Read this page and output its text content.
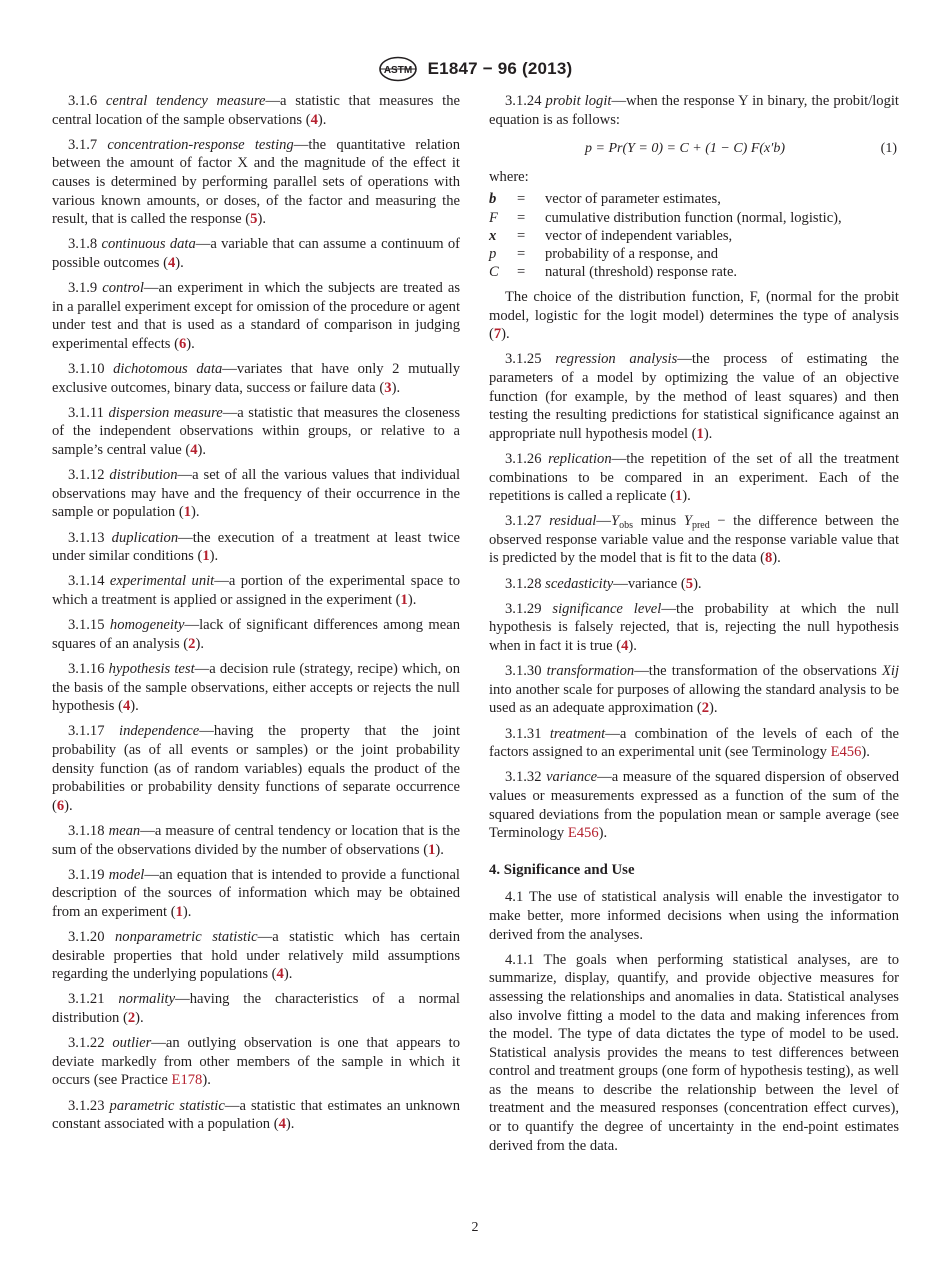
ASTM E1847 − 96 (2013)

3.1.6 central tendency measure—a statistic that measures the central location of the sample observations (4).

3.1.7 concentration-response testing—the quantitative relation between the amount of factor X and the magnitude of the effect it causes is determined by performing parallel sets of operations with various known amounts, or doses, of the factor and measuring the result, that is called the response (5).

3.1.8 continuous data—a variable that can assume a continuum of possible outcomes (4).

3.1.9 control—an experiment in which the subjects are treated as in a parallel experiment except for omission of the procedure or agent under test and that is used as a standard of comparison in judging experimental effects (6).

3.1.10 dichotomous data—variates that have only 2 mutually exclusive outcomes, binary data, success or failure data (3).

3.1.11 dispersion measure—a statistic that measures the closeness of the independent observations within groups, or relative to a sample’s central value (4).

3.1.12 distribution—a set of all the various values that individual observations may have and the frequency of their occurrence in the sample or population (1).

3.1.13 duplication—the execution of a treatment at least twice under similar conditions (1).

3.1.14 experimental unit—a portion of the experimental space to which a treatment is applied or assigned in the experiment (1).

3.1.15 homogeneity—lack of significant differences among mean squares of an analysis (2).

3.1.16 hypothesis test—a decision rule (strategy, recipe) which, on the basis of the sample observations, either accepts or rejects the null hypothesis (4).

3.1.17 independence—having the property that the joint probability (as of all events or samples) or the joint probability density function (as of random variables) equals the product of the probabilities or probability density functions of separate occurrence (6).

3.1.18 mean—a measure of central tendency or location that is the sum of the observations divided by the number of observations (1).

3.1.19 model—an equation that is intended to provide a functional description of the sources of information which may be obtained from an experiment (1).

3.1.20 nonparametric statistic—a statistic which has certain desirable properties that hold under relatively mild assumptions regarding the underlying populations (4).

3.1.21 normality—having the characteristics of a normal distribution (2).

3.1.22 outlier—an outlying observation is one that appears to deviate markedly from other members of the sample in which it occurs (see Practice E178).

3.1.23 parametric statistic—a statistic that estimates an unknown constant associated with a population (4).

3.1.24 probit logit—when the response Y in binary, the probit/logit equation is as follows:

p = Pr(Y = 0) = C + (1 − C) F(x′b)	(1)

where:

b	=	vector of parameter estimates,
F	=	cumulative distribution function (normal, logistic),
x	=	vector of independent variables,
p	=	probability of a response, and
C	=	natural (threshold) response rate.

The choice of the distribution function, F, (normal for the probit model, logistic for the logit model) determines the type of analysis (7).

3.1.25 regression analysis—the process of estimating the parameters of a model by optimizing the value of an objective function (for example, by the method of least squares) and then testing the resulting predictions for statistical significance against an appropriate null hypothesis model (1).

3.1.26 replication—the repetition of the set of all the treatment combinations to be compared in an experiment. Each of the repetitions is called a replicate (1).

3.1.27 $residual—Y_{obs}$ minus $Y_{pred}$ − the difference between the observed response variable value and the response variable value that is predicted by the model that is fit to the data (8).

3.1.28 scedasticity—variance (5).

3.1.29 significance level—the probability at which the null hypothesis is falsely rejected, that is, rejecting the null hypothesis when in fact it is true (4).

3.1.30 transformation—the transformation of the observations Xij into another scale for purposes of allowing the standard analysis to be used as an adequate approximation (2).

3.1.31 treatment—a combination of the levels of each of the factors assigned to an experimental unit (see Terminology E456).

3.1.32 variance—a measure of the squared dispersion of observed values or measurements expressed as a function of the sum of the squared deviations from the population mean or sample average (see Terminology E456).

4. Significance and Use

4.1 The use of statistical analysis will enable the investigator to make better, more informed decisions when using the information derived from the analyses.

4.1.1 The goals when performing statistical analyses, are to summarize, display, quantify, and provide objective measures for assessing the relationships and anomalies in data. Statistical analyses also involve fitting a model to the data and making inferences from the model. The type of data dictates the type of model to be used. Statistical analysis provides the means to test differences between control and treatment groups (one form of hypothesis testing), as well as the means to describe the relationship between the level of treatment and the measured responses (concentration effect curves), or to quantify the degree of uncertainty in the end-point estimates derived from the data.

2
